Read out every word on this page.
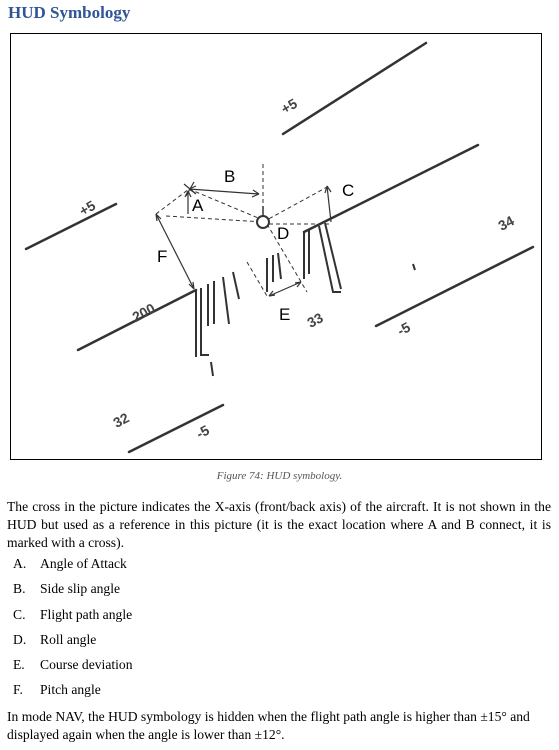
HUD Symbology
B
A
C
D
F
E
+5
+5
200
34
33	-5
32
-5
Figure 74: HUD symbology.
The cross in the picture indicates the X-axis (front/back axis) of the aircraft. It is not shown in the HUD but used as a reference in this picture (it is the exact location where A and B connect, it is marked with a cross).
A. Angle of Attack
B. Side slip angle
C. Flight path angle
D. Roll angle
E. Course deviation
F. Pitch angle
In mode NAV, the HUD symbology is hidden when the flight path angle is higher than ±15° and displayed again when the angle is lower than ±12°.
